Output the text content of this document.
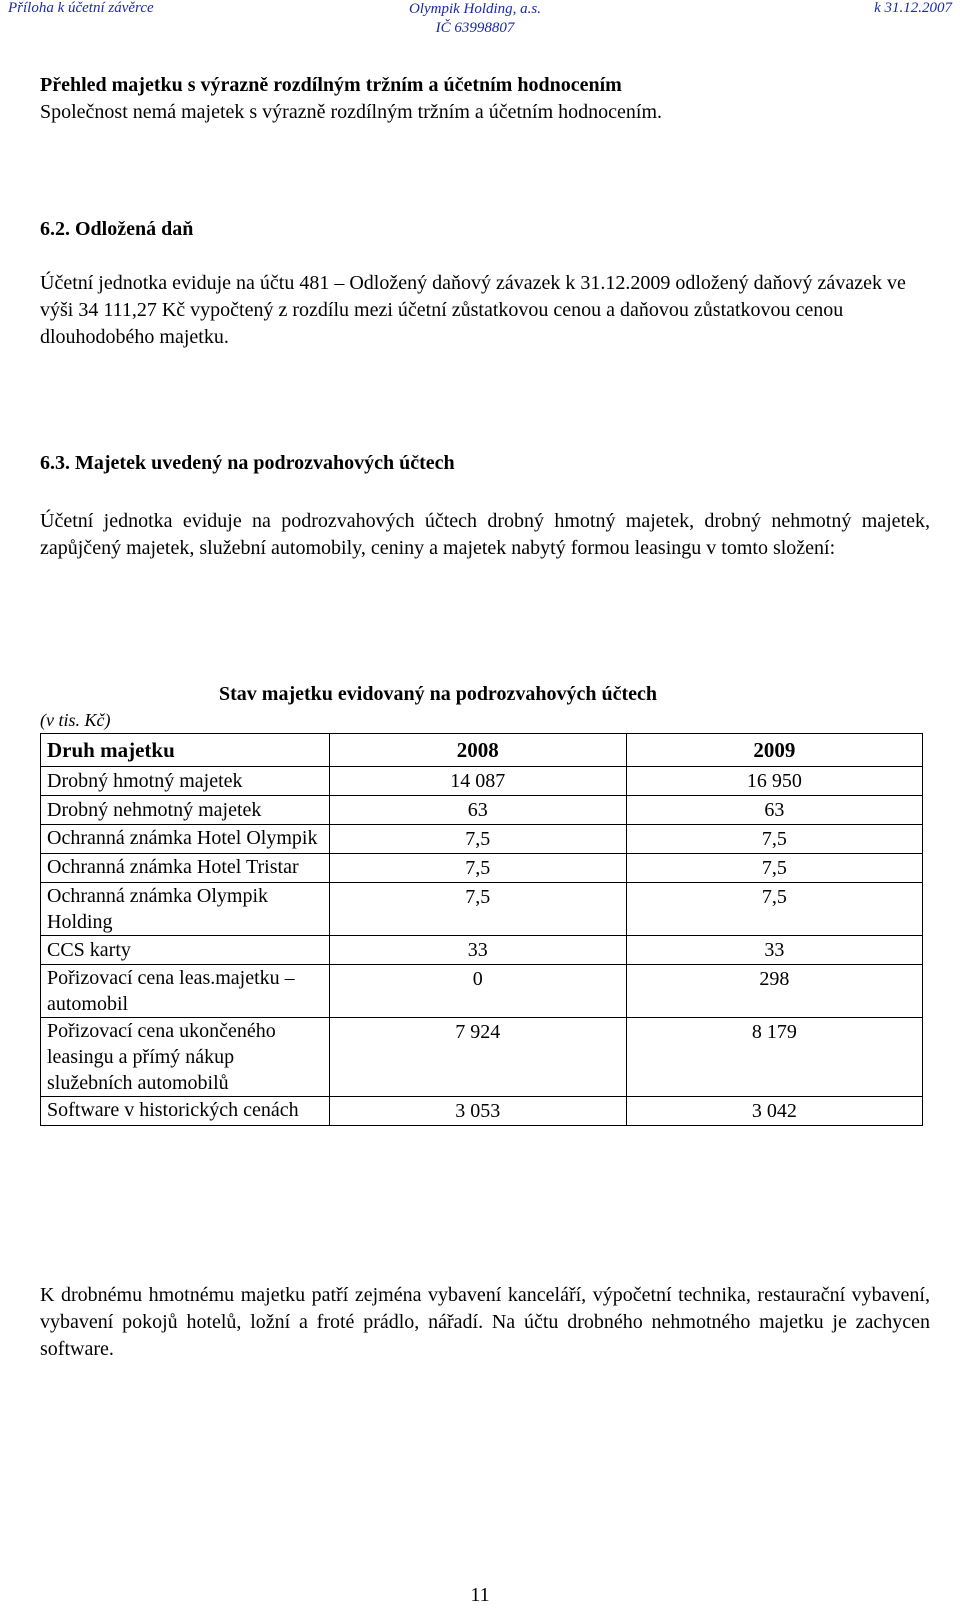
Příloha k účetní závěrce	Olympik Holding, a.s.
IČ 63998807
k 31.12.2007
Přehled majetku s výrazně rozdílným tržním a účetním hodnocením
Společnost nemá majetek s výrazně rozdílným tržním a účetním hodnocením.
6.2. Odložená daň
Účetní jednotka eviduje na účtu 481 – Odložený daňový závazek k 31.12.2009 odložený daňový závazek ve výši 34 111,27 Kč vypočtený z rozdílu mezi účetní zůstatkovou cenou a daňovou zůstatkovou cenou dlouhodobého majetku.
6.3. Majetek uvedený na podrozvahových účtech
Účetní jednotka eviduje na podrozvahových účtech drobný hmotný majetek, drobný nehmotný majetek, zapůjčený majetek, služební automobily, ceniny a majetek nabytý formou leasingu v tomto složení:
Stav majetku evidovaný na podrozvahových účtech
(v tis. Kč)
Druh majetku	2008	2009
Drobný hmotný majetek	14 087	16 950
Drobný nehmotný majetek	63	63
Ochranná známka Hotel Olympik	7,5	7,5
Ochranná známka Hotel Tristar	7,5	7,5
Ochranná známka Olympik Holding	7,5	7,5
CCS karty	33	33
Pořizovací cena leas.majetku – automobil	0	298
Pořizovací cena ukončeného leasingu a přímý nákup služebních automobilů	7 924	8 179
Software v historických cenách	3 053	3 042
K drobnému hmotnému majetku patří zejména vybavení kanceláří, výpočetní technika, restaurační vybavení, vybavení pokojů hotelů, ložní a froté prádlo, nářadí. Na účtu drobného nehmotného majetku je zachycen software.
11
